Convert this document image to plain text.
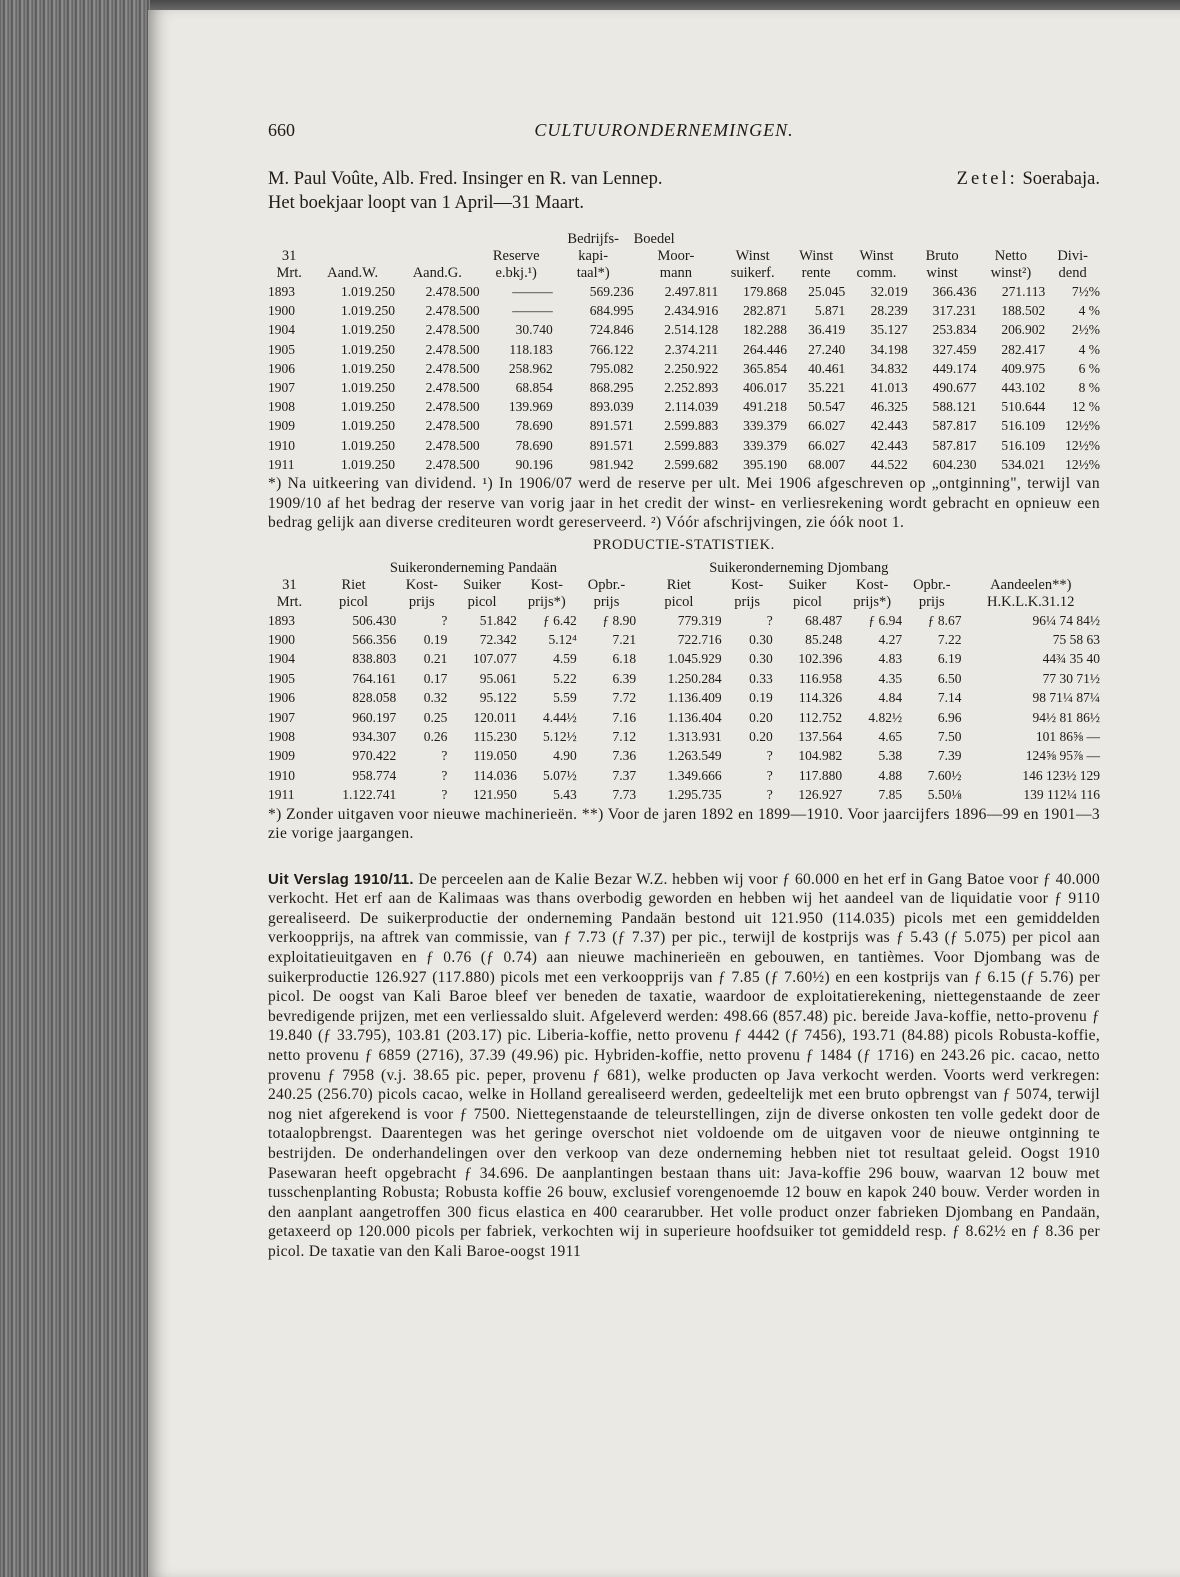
660	CULTUURONDERNEMINGEN.
M. Paul Voûte, Alb. Fred. Insinger en R. van Lennep.	Zetel: Soerabaja.
Het boekjaar loopt van 1 April—31 Maart.
				Bedrijfs-	Boedel						
31			Reserve	kapi-	Moor-	Winst	Winst	Winst	Bruto	Netto	Divi-
Mrt.	Aand.W.	Aand.G.	e.bkj.¹)	taal*)	mann	suikerf.	rente	comm.	winst	winst²)	dend
1893	1.019.250	2.478.500	———	569.236	2.497.811	179.868	25.045	32.019	366.436	271.113	7½%
1900	1.019.250	2.478.500	———	684.995	2.434.916	282.871	5.871	28.239	317.231	188.502	4 %
1904	1.019.250	2.478.500	30.740	724.846	2.514.128	182.288	36.419	35.127	253.834	206.902	2½%
1905	1.019.250	2.478.500	118.183	766.122	2.374.211	264.446	27.240	34.198	327.459	282.417	4 %
1906	1.019.250	2.478.500	258.962	795.082	2.250.922	365.854	40.461	34.832	449.174	409.975	6 %
1907	1.019.250	2.478.500	68.854	868.295	2.252.893	406.017	35.221	41.013	490.677	443.102	8 %
1908	1.019.250	2.478.500	139.969	893.039	2.114.039	491.218	50.547	46.325	588.121	510.644	12 %
1909	1.019.250	2.478.500	78.690	891.571	2.599.883	339.379	66.027	42.443	587.817	516.109	12½%
1910	1.019.250	2.478.500	78.690	891.571	2.599.883	339.379	66.027	42.443	587.817	516.109	12½%
1911	1.019.250	2.478.500	90.196	981.942	2.599.682	395.190	68.007	44.522	604.230	534.021	12½%
*) Na uitkeering van dividend. ¹) In 1906/07 werd de reserve per ult. Mei 1906 afgeschreven op „ontginning", terwijl van 1909/10 af het bedrag der reserve van vorig jaar in het credit der winst- en verliesrekening wordt gebracht en opnieuw een bedrag gelijk aan diverse crediteuren wordt gereserveerd. ²) Vóór afschrijvingen, zie óók noot 1.
PRODUCTIE-STATISTIEK.
	Suikeronderneming Pandaän					Suikeronderneming Djombang					
31	Riet	Kost-	Suiker	Kost-	Opbr.-	Riet	Kost-	Suiker	Kost-	Opbr.-	Aandeelen**)
Mrt.	picol	prijs	picol	prijs*)	prijs	picol	prijs	picol	prijs*)	prijs	H.K.L.K.31.12
1893	506.430	?	51.842	ƒ 6.42	ƒ 8.90	779.319	?	68.487	ƒ 6.94	ƒ 8.67	96¼ 74 84½
1900	566.356	0.19	72.342	5.12⁴	7.21	722.716	0.30	85.248	4.27	7.22	75 58 63
1904	838.803	0.21	107.077	4.59	6.18	1.045.929	0.30	102.396	4.83	6.19	44¾ 35 40
1905	764.161	0.17	95.061	5.22	6.39	1.250.284	0.33	116.958	4.35	6.50	77 30 71½
1906	828.058	0.32	95.122	5.59	7.72	1.136.409	0.19	114.326	4.84	7.14	98 71¼ 87¼
1907	960.197	0.25	120.011	4.44½	7.16	1.136.404	0.20	112.752	4.82½	6.96	94½ 81 86½
1908	934.307	0.26	115.230	5.12½	7.12	1.313.931	0.20	137.564	4.65	7.50	101 86⅝ —
1909	970.422	?	119.050	4.90	7.36	1.263.549	?	104.982	5.38	7.39	124⅝ 95⅞ —
1910	958.774	?	114.036	5.07½	7.37	1.349.666	?	117.880	4.88	7.60½	146 123½ 129
1911	1.122.741	?	121.950	5.43	7.73	1.295.735	?	126.927	7.85	5.50⅛	139 112¼ 116
*) Zonder uitgaven voor nieuwe machinerieën. **) Voor de jaren 1892 en 1899—1910. Voor jaarcijfers 1896—99 en 1901—3 zie vorige jaargangen.
Uit Verslag 1910/11. De perceelen aan de Kalie Bezar W.Z. hebben wij voor ƒ 60.000 en het erf in Gang Batoe voor ƒ 40.000 verkocht. Het erf aan de Kalimaas was thans overbodig geworden en hebben wij het aandeel van de liquidatie voor ƒ 9110 gerealiseerd. De suikerproductie der onderneming Pandaän bestond uit 121.950 (114.035) picols met een gemiddelden verkoopprijs, na aftrek van commissie, van ƒ 7.73 (ƒ 7.37) per pic., terwijl de kostprijs was ƒ 5.43 (ƒ 5.075) per picol aan exploitatieuitgaven en ƒ 0.76 (ƒ 0.74) aan nieuwe machinerieën en gebouwen, en tantièmes. Voor Djombang was de suikerproductie 126.927 (117.880) picols met een verkoopprijs van ƒ 7.85 (ƒ 7.60½) en een kostprijs van ƒ 6.15 (ƒ 5.76) per picol. De oogst van Kali Baroe bleef ver beneden de taxatie, waardoor de exploitatierekening, niettegenstaande de zeer bevredigende prijzen, met een verliessaldo sluit. Afgeleverd werden: 498.66 (857.48) pic. bereide Java-koffie, netto-provenu ƒ 19.840 (ƒ 33.795), 103.81 (203.17) pic. Liberia-koffie, netto provenu ƒ 4442 (ƒ 7456), 193.71 (84.88) picols Robusta-koffie, netto provenu ƒ 6859 (2716), 37.39 (49.96) pic. Hybriden-koffie, netto provenu ƒ 1484 (ƒ 1716) en 243.26 pic. cacao, netto provenu ƒ 7958 (v.j. 38.65 pic. peper, provenu ƒ 681), welke producten op Java verkocht werden. Voorts werd verkregen: 240.25 (256.70) picols cacao, welke in Holland gerealiseerd werden, gedeeltelijk met een bruto opbrengst van ƒ 5074, terwijl nog niet afgerekend is voor ƒ 7500. Niettegenstaande de teleurstellingen, zijn de diverse onkosten ten volle gedekt door de totaalopbrengst. Daarentegen was het geringe overschot niet voldoende om de uitgaven voor de nieuwe ontginning te bestrijden. De onderhandelingen over den verkoop van deze onderneming hebben niet tot resultaat geleid. Oogst 1910 Pasewaran heeft opgebracht ƒ 34.696. De aanplantingen bestaan thans uit: Java-koffie 296 bouw, waarvan 12 bouw met tusschenplanting Robusta; Robusta koffie 26 bouw, exclusief vorengenoemde 12 bouw en kapok 240 bouw. Verder worden in den aanplant aangetroffen 300 ficus elastica en 400 ceararubber. Het volle product onzer fabrieken Djombang en Pandaän, getaxeerd op 120.000 picols per fabriek, verkochten wij in superieure hoofdsuiker tot gemiddeld resp. ƒ 8.62½ en ƒ 8.36 per picol. De taxatie van den Kali Baroe-oogst 1911
